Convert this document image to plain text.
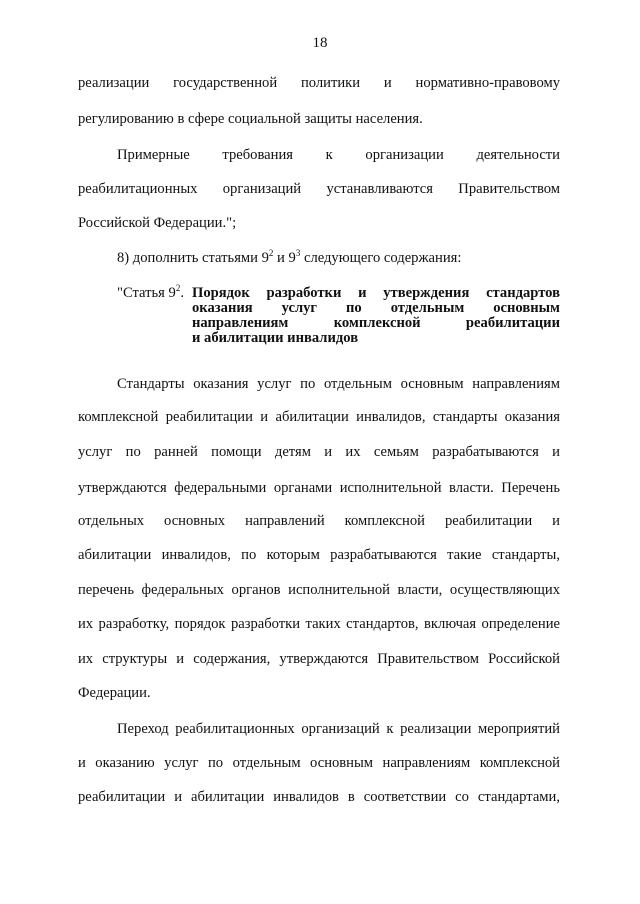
18
реализации государственной политики и нормативно-правовому
регулированию в сфере социальной защиты населения.
Примерные требования к организации деятельности
реабилитационных организаций устанавливаются Правительством
Российской Федерации.";
8) дополнить статьями $9^2$ и $9^3$ следующего содержания:
"Статья $9^2$. Порядок разработки и утверждения стандартов
оказания услуг по отдельным основным
направлениям комплексной реабилитации
и абилитации инвалидов
Стандарты оказания услуг по отдельным основным направлениям
комплексной реабилитации и абилитации инвалидов, стандарты оказания
услуг по ранней помощи детям и их семьям разрабатываются и
утверждаются федеральными органами исполнительной власти. Перечень
отдельных основных направлений комплексной реабилитации и
абилитации инвалидов, по которым разрабатываются такие стандарты,
перечень федеральных органов исполнительной власти, осуществляющих
их разработку, порядок разработки таких стандартов, включая определение
их структуры и содержания, утверждаются Правительством Российской
Федерации.
Переход реабилитационных организаций к реализации мероприятий
и оказанию услуг по отдельным основным направлениям комплексной
реабилитации и абилитации инвалидов в соответствии со стандартами,
